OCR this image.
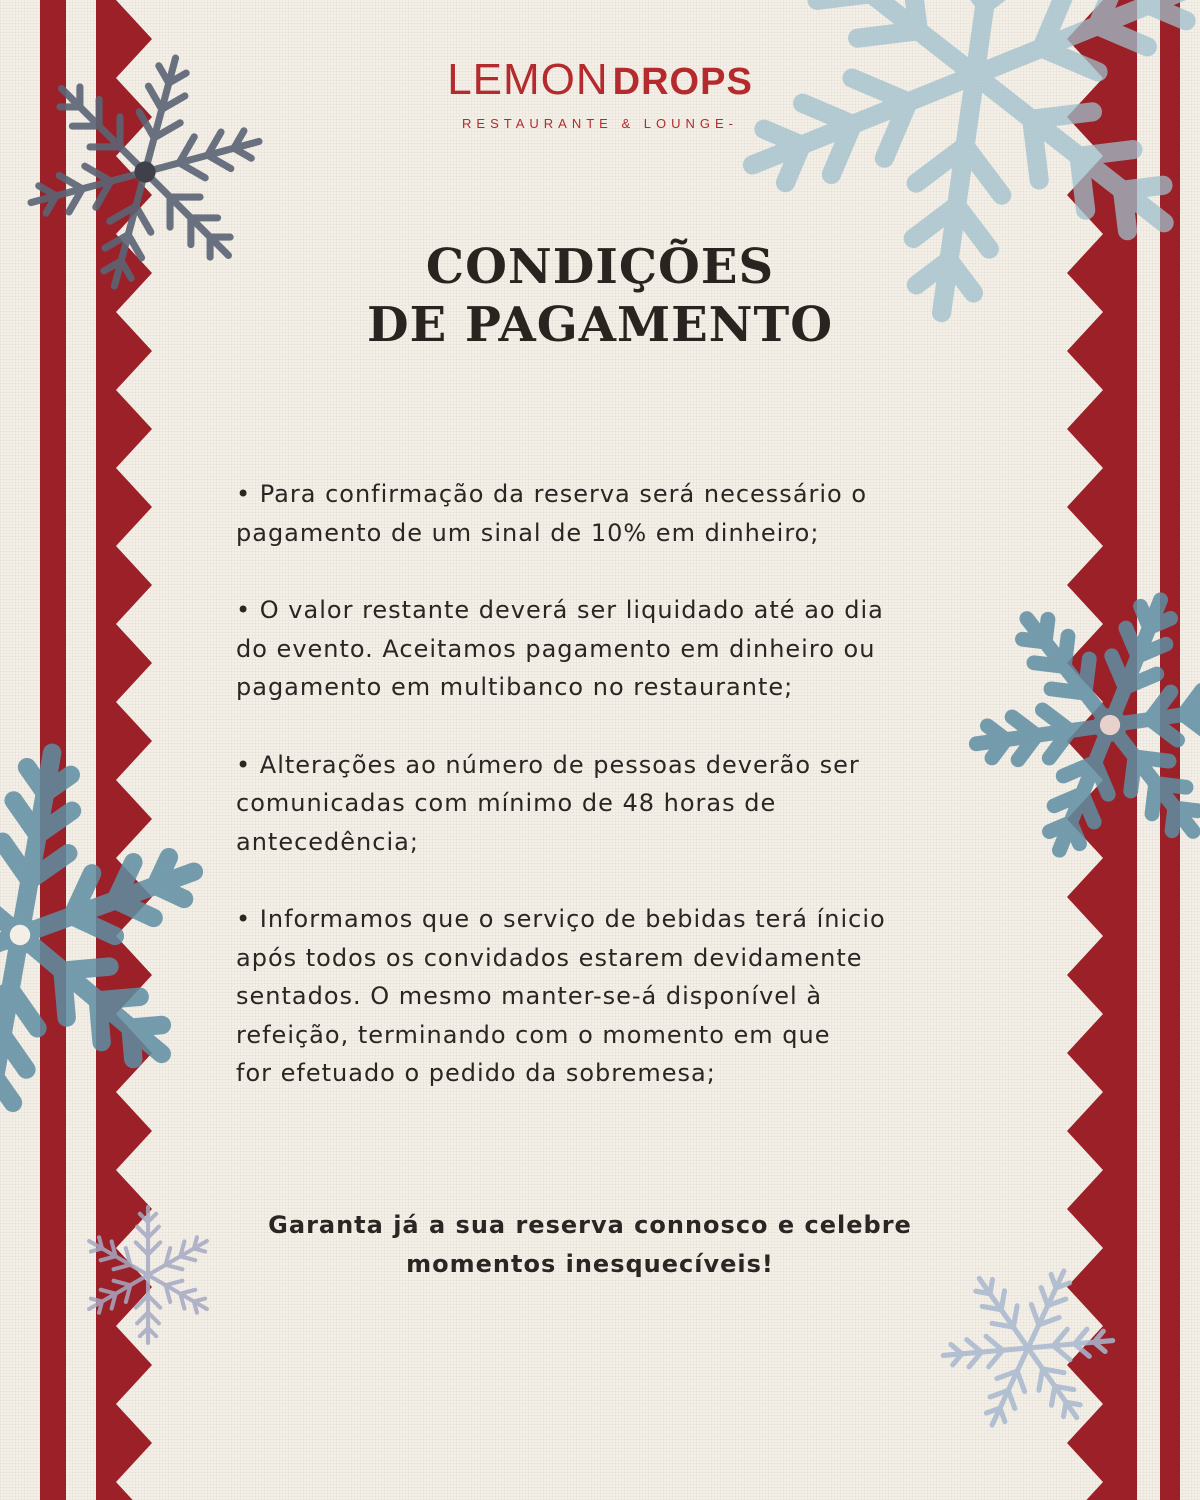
LEMON DROPS
RESTAURANTE & LOUNGE-
CONDIÇÕES
DE PAGAMENTO
• Para confirmação da reserva será necessário o
pagamento de um sinal de 10% em dinheiro;
• O valor restante deverá ser liquidado até ao dia
do evento. Aceitamos pagamento em dinheiro ou
pagamento em multibanco no restaurante;
• Alterações ao número de pessoas deverão ser
comunicadas com mínimo de 48 horas de
antecedência;
• Informamos que o serviço de bebidas terá ínicio
após todos os convidados estarem devidamente
sentados. O mesmo manter-se-á disponível à
refeição, terminando com o momento em que
for efetuado o pedido da sobremesa;
Garanta já a sua reserva connosco e celebre
momentos inesquecíveis!
